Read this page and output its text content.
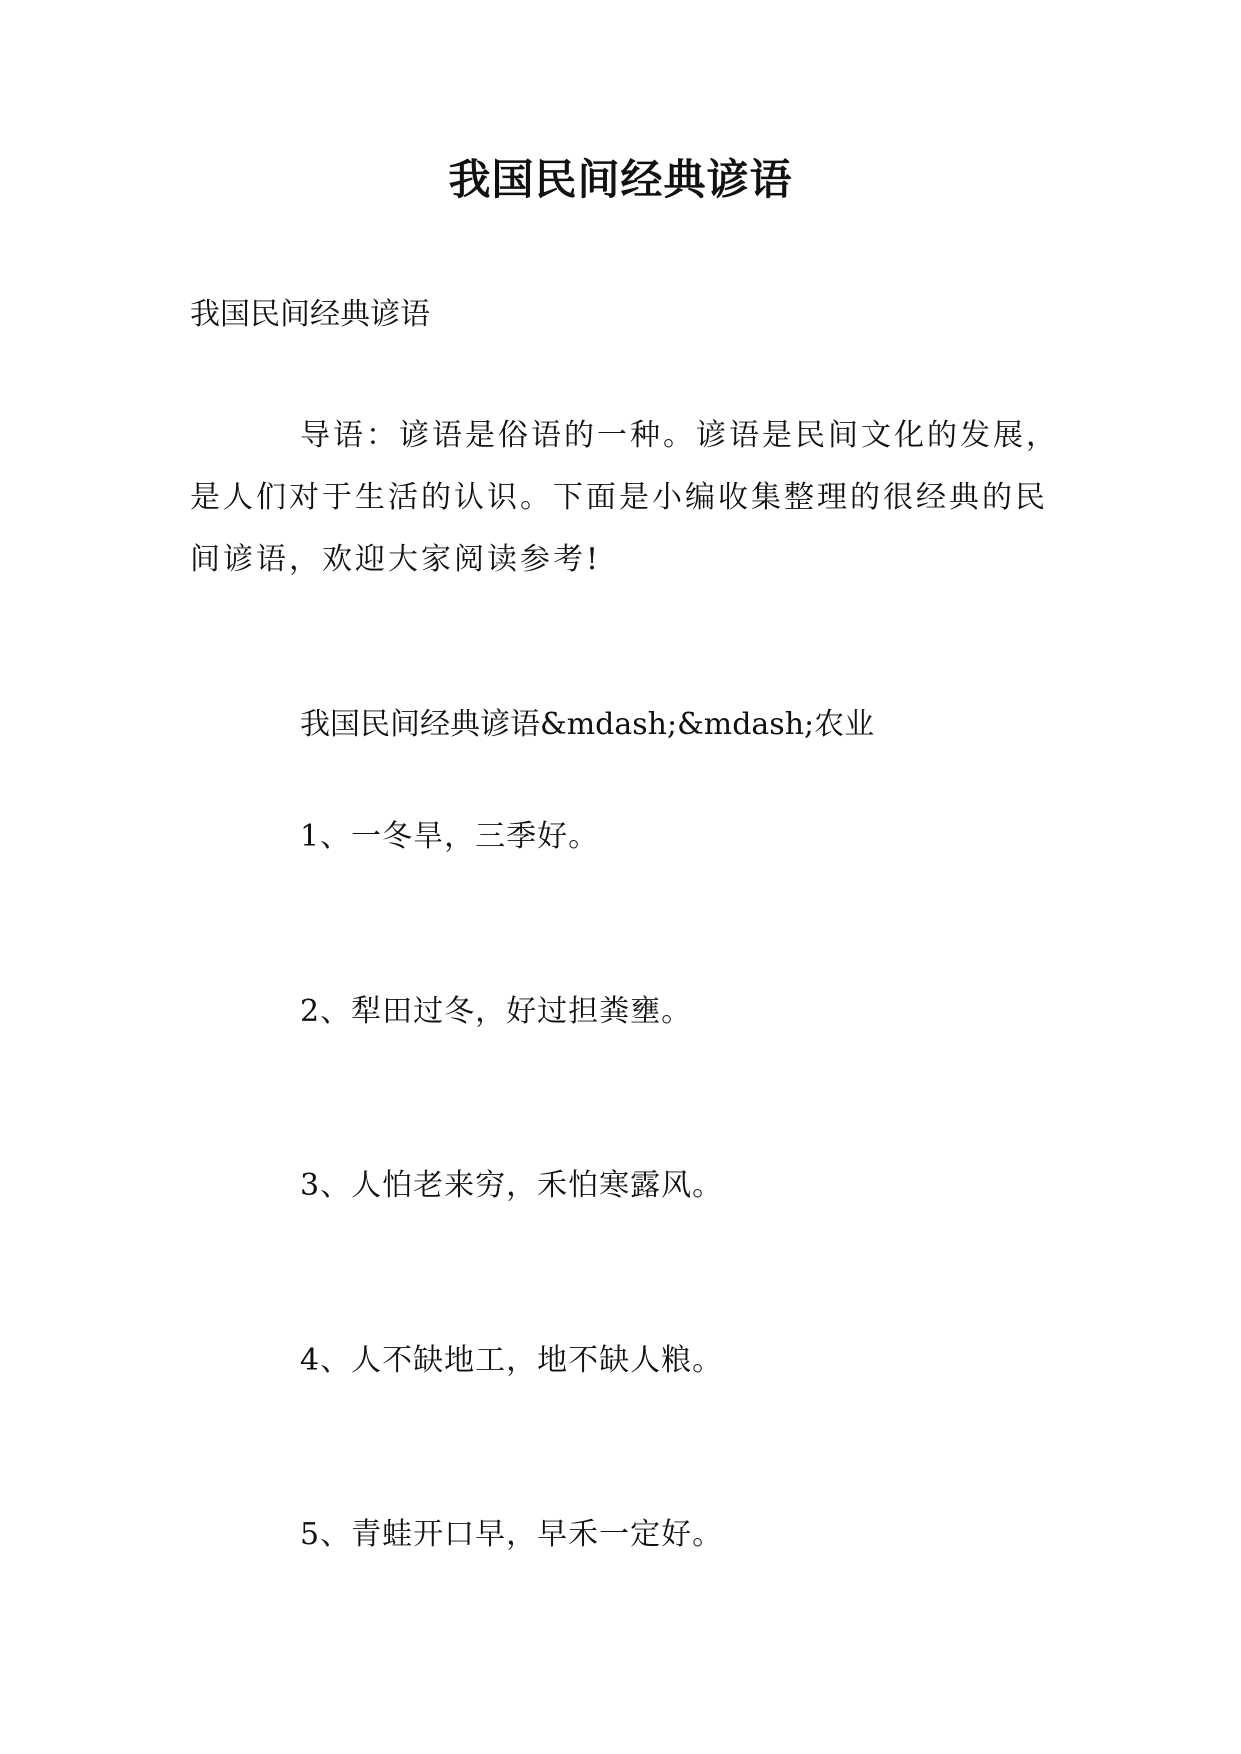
我国民间经典谚语
我国民间经典谚语
导语：谚语是俗语的一种。谚语是民间文化的发展，是人们对于生活的认识。下面是小编收集整理的很经典的民间谚语，欢迎大家阅读参考!
我国民间经典谚语&mdash;&mdash;农业
1、一冬旱，三季好。
2、犁田过冬，好过担粪壅。
3、人怕老来穷，禾怕寒露风。
4、人不缺地工，地不缺人粮。
5、青蛙开口早，早禾一定好。
